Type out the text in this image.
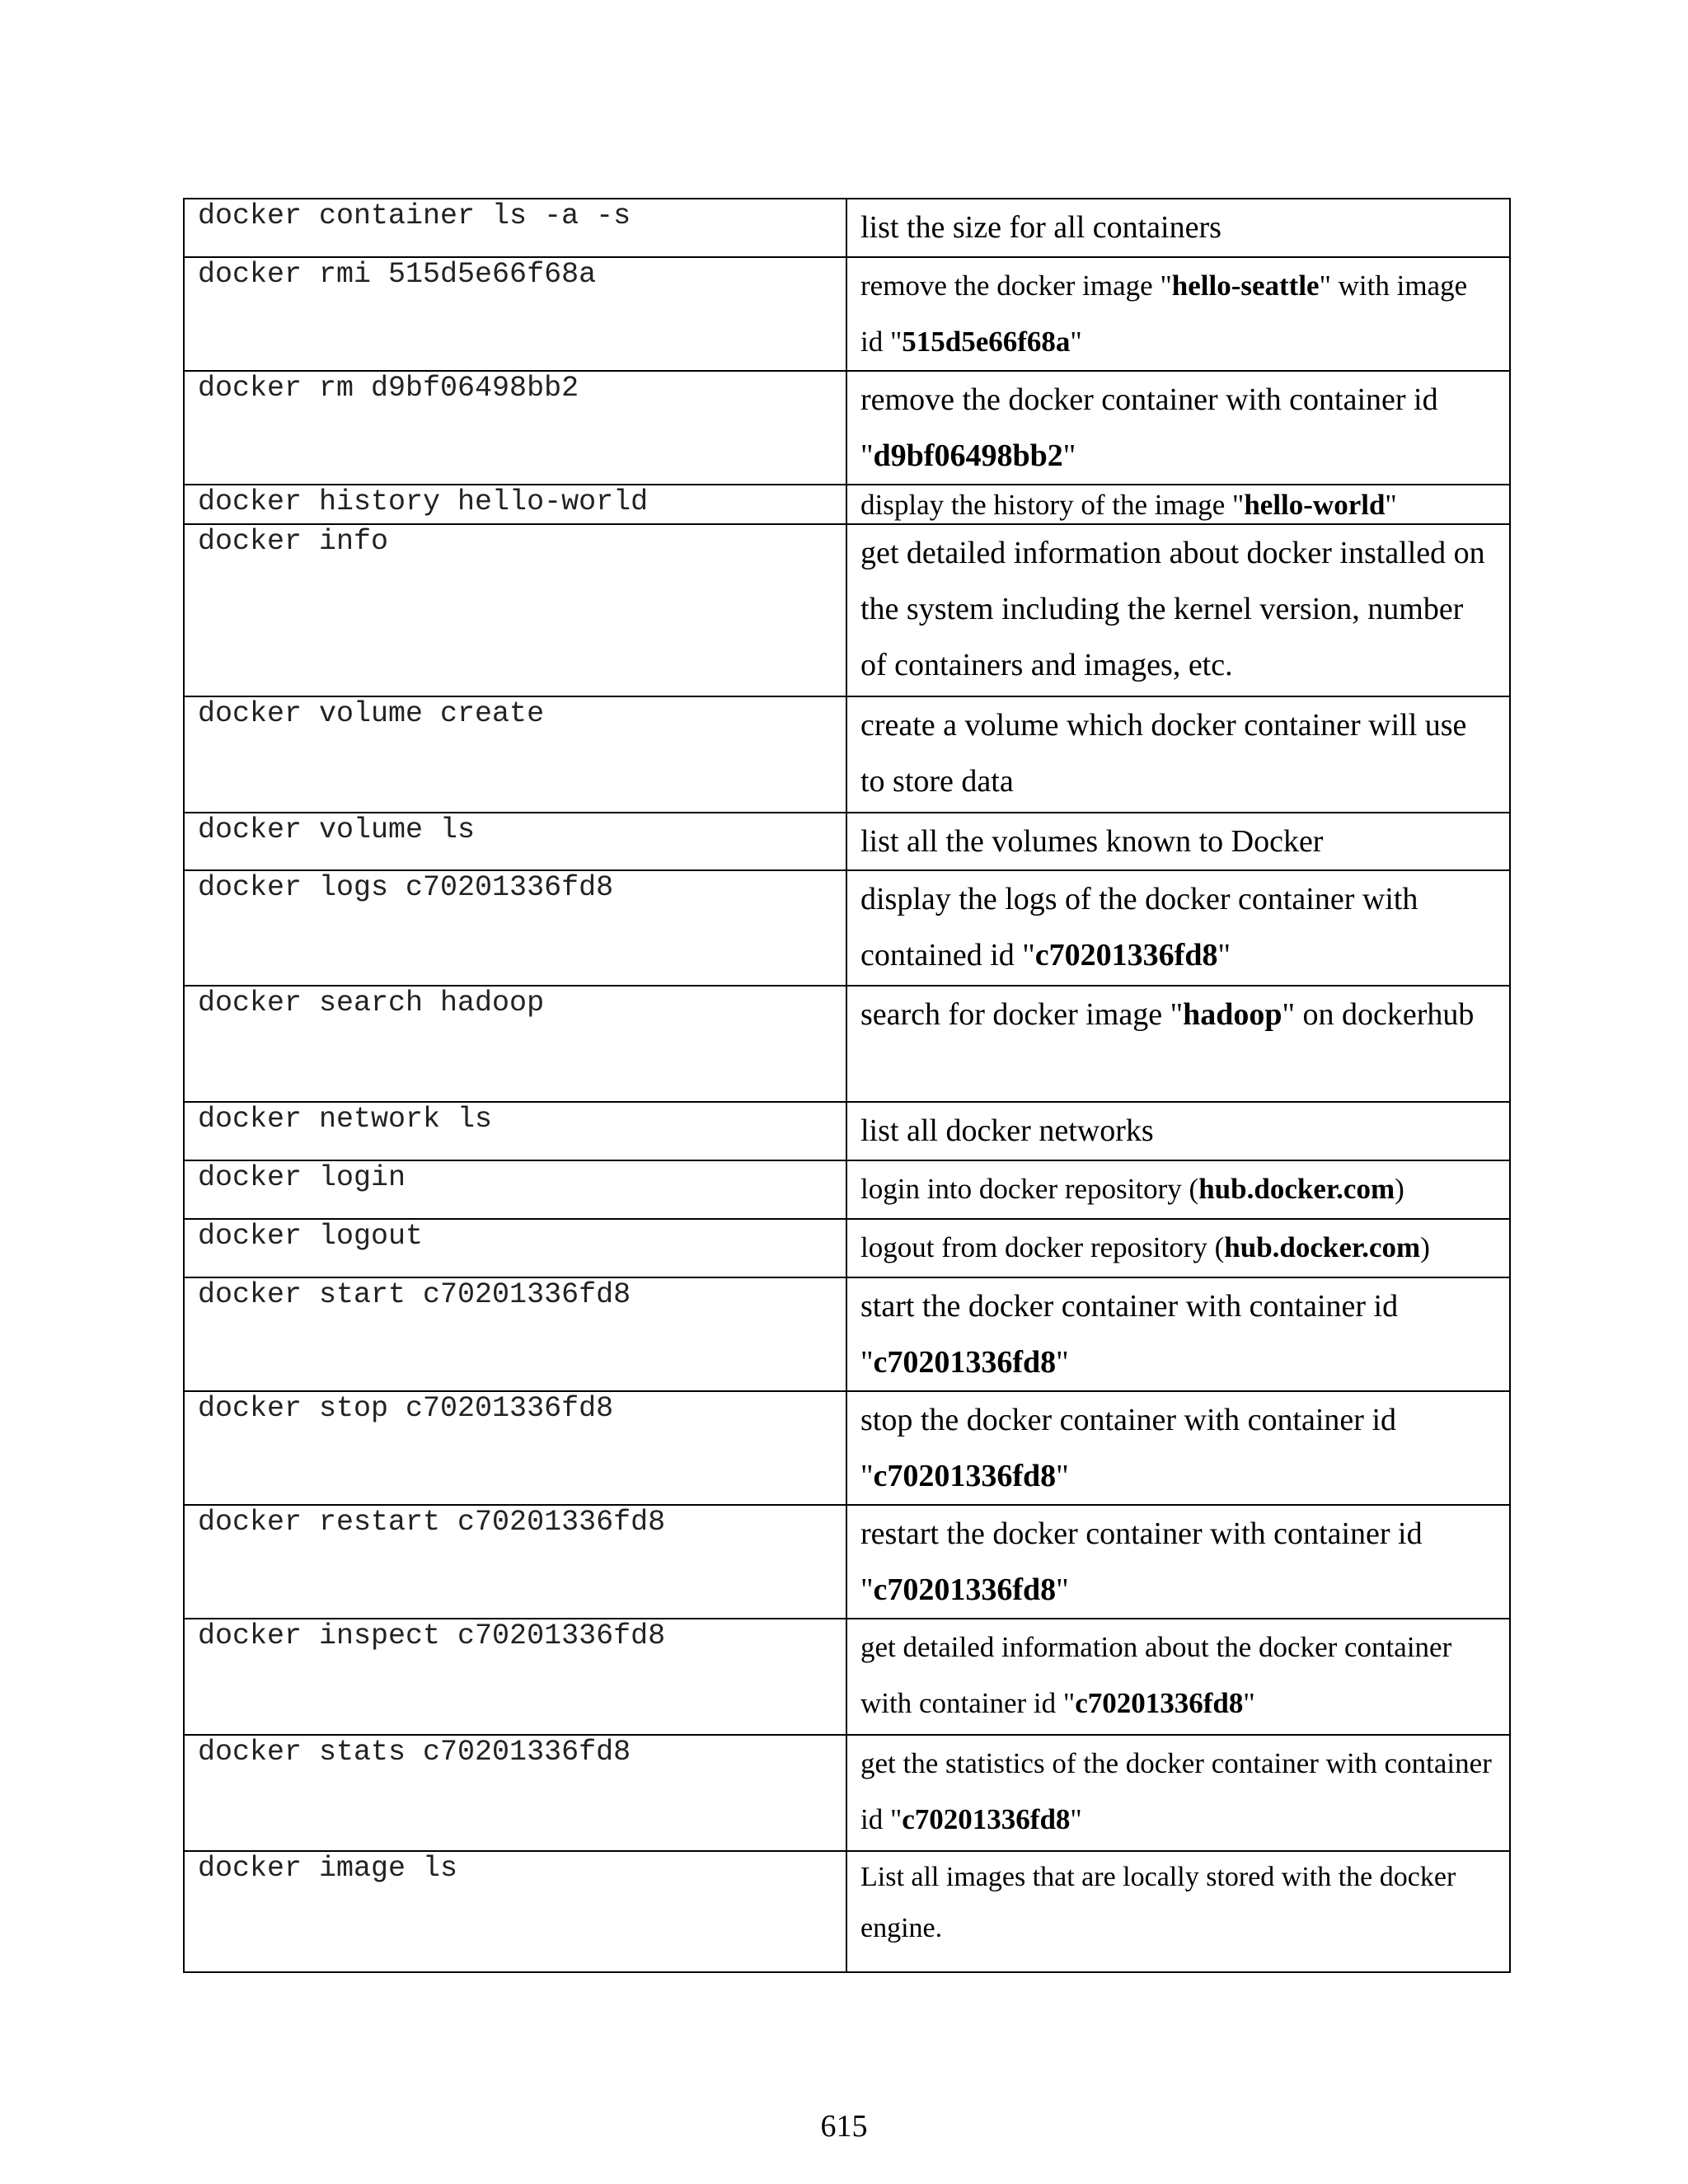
docker container ls -a -s	list the size for all containers
docker rmi 515d5e66f68a	remove the docker image "hello-seattle" with image id "515d5e66f68a"
docker rm d9bf06498bb2	remove the docker container with container id "d9bf06498bb2"
docker history hello-world	display the history of the image "hello-world"
docker info	get detailed information about docker installed on the system including the kernel version, number of containers and images, etc.
docker volume create	create a volume which docker container will use to store data
docker volume ls	list all the volumes known to Docker
docker logs c70201336fd8	display the logs of the docker container with contained id "c70201336fd8"
docker search hadoop	search for docker image "hadoop" on dockerhub
docker network ls	list all docker networks
docker login	login into docker repository (hub.docker.com)
docker logout	logout from docker repository (hub.docker.com)
docker start c70201336fd8	start the docker container with container id "c70201336fd8"
docker stop c70201336fd8	stop the docker container with container id "c70201336fd8"
docker restart c70201336fd8	restart the docker container with container id "c70201336fd8"
docker inspect c70201336fd8	get detailed information about the docker container with container id "c70201336fd8"
docker stats c70201336fd8	get the statistics of the docker container with container id "c70201336fd8"
docker image ls	List all images that are locally stored with the docker engine.
615
